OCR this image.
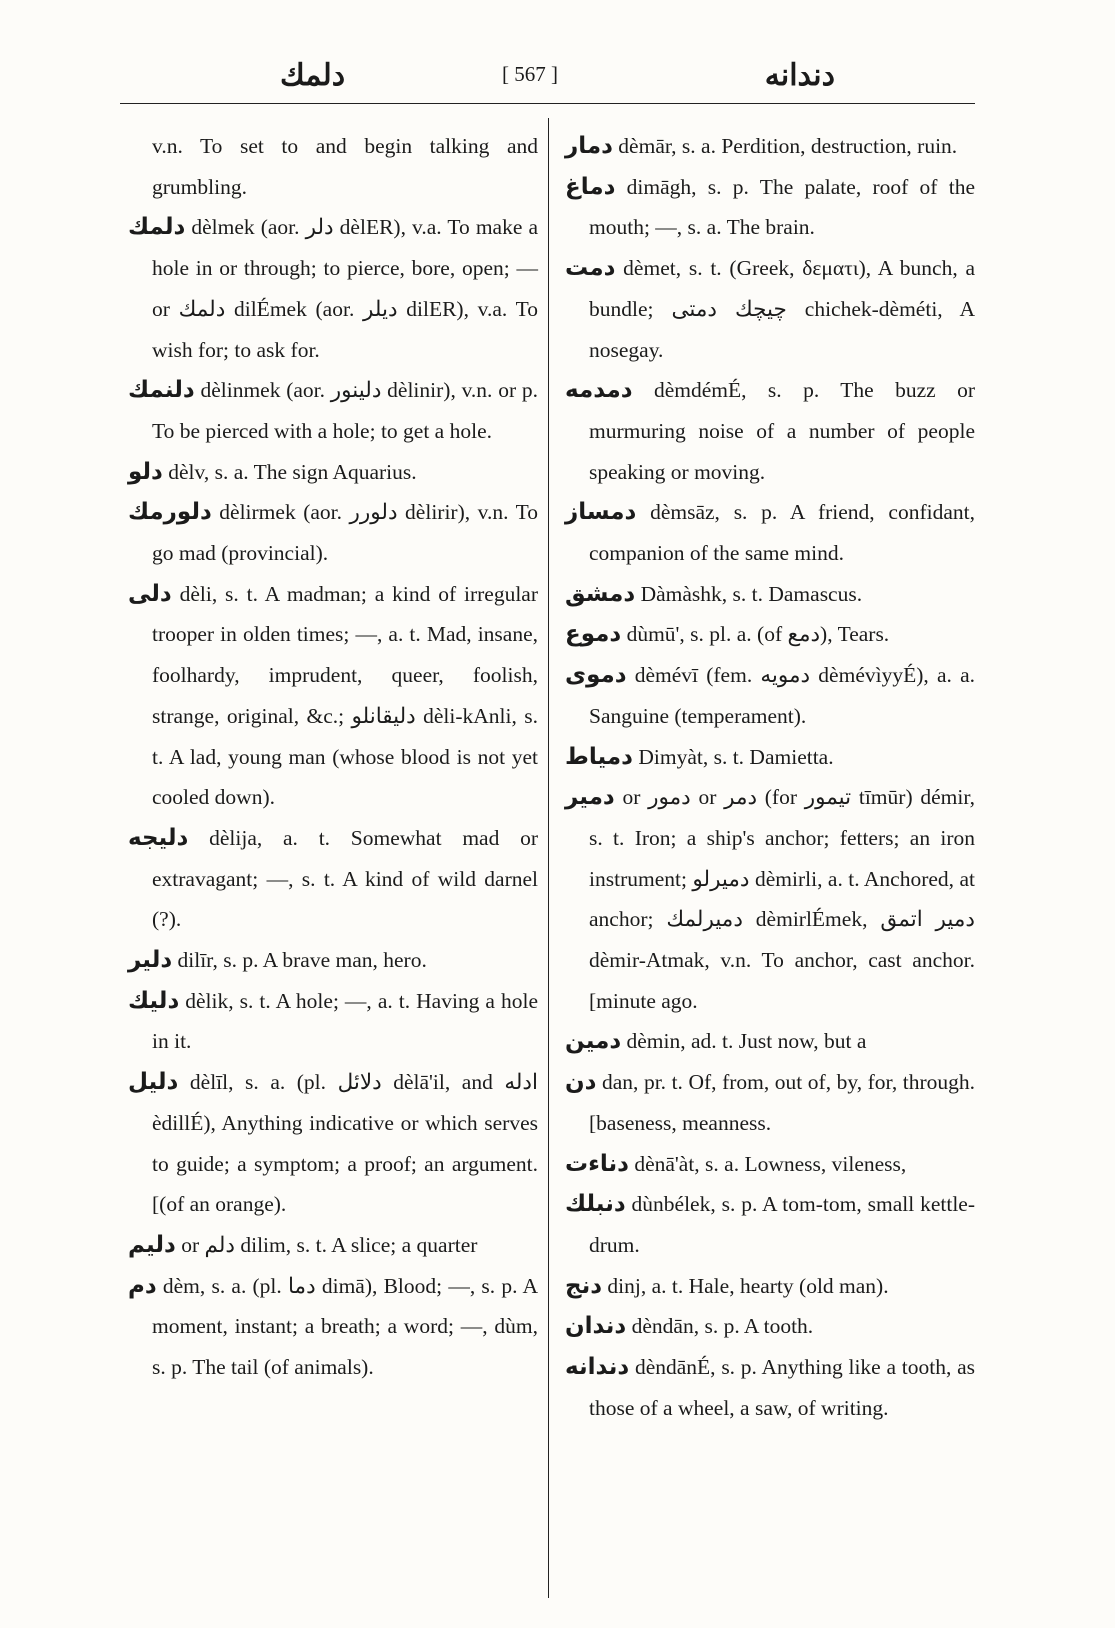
دلمك	[ 567 ]	دندانه
v.n. To set to and begin talking and grumbling.
دلمك dèlmek (aor. دلر dèlER), v.a. To make a hole in or through; to pierce, bore, open; — or دلمك dilÉmek (aor. ديلر dilER), v.a. To wish for; to ask for.
دلنمك dèlinmek (aor. دلينور dèlinir), v.n. or p. To be pierced with a hole; to get a hole.
دلو dèlv, s. a. The sign Aquarius.
دلورمك dèlirmek (aor. دلورر dèlirir), v.n. To go mad (provincial).
دلى dèli, s. t. A madman; a kind of irregular trooper in olden times; —, a. t. Mad, insane, foolhardy, imprudent, queer, foolish, strange, original, &c.; دليقانلو dèli-kAnli, s. t. A lad, young man (whose blood is not yet cooled down).
دليجه dèlija, a. t. Somewhat mad or extravagant; —, s. t. A kind of wild darnel (?).
دلير dilīr, s. p. A brave man, hero.
دليك dèlik, s. t. A hole; —, a. t. Having a hole in it.
دليل dèlīl, s. a. (pl. دلائل dèlā'il, and ادله èdillÉ), Anything indicative or which serves to guide; a symptom; a proof; an argument. [(of an orange).
دليم or دلم dilim, s. t. A slice; a quarter
دم dèm, s. a. (pl. دما dimā), Blood; —, s. p. A moment, instant; a breath; a word; —, dùm, s. p. The tail (of animals).
دمار dèmār, s. a. Perdition, destruction, ruin.
دماغ dimāgh, s. p. The palate, roof of the mouth; —, s. a. The brain.
دمت dèmet, s. t. (Greek, δεματι), A bunch, a bundle; چيچك دمتى chichek-dèméti, A nosegay.
دمدمه dèmdémÉ, s. p. The buzz or murmuring noise of a number of people speaking or moving.
دمساز dèmsāz, s. p. A friend, confidant, companion of the same mind.
دمشق Dàmàshk, s. t. Damascus.
دموع dùmū', s. pl. a. (of دمع), Tears.
دموى dèmévī (fem. دمويه dèmévìyyÉ), a. a. Sanguine (temperament).
دمياط Dimyàt, s. t. Damietta.
دمير or دمور or دمر (for تيمور tīmūr) démir, s. t. Iron; a ship's anchor; fetters; an iron instrument; دميرلو dèmirli, a. t. Anchored, at anchor; دميرلمك dèmirlÉmek, دمير اتمق dèmir-Atmak, v.n. To anchor, cast anchor. [minute ago.
دمين dèmin, ad. t. Just now, but a
دن dan, pr. t. Of, from, out of, by, for, through. [baseness, meanness.
دناءت dènā'àt, s. a. Lowness, vileness,
دنبلك dùnbélek, s. p. A tom-tom, small kettle-drum.
دنج dinj, a. t. Hale, hearty (old man).
دندان dèndān, s. p. A tooth.
دندانه dèndānÉ, s. p. Anything like a tooth, as those of a wheel, a saw, of writing.
